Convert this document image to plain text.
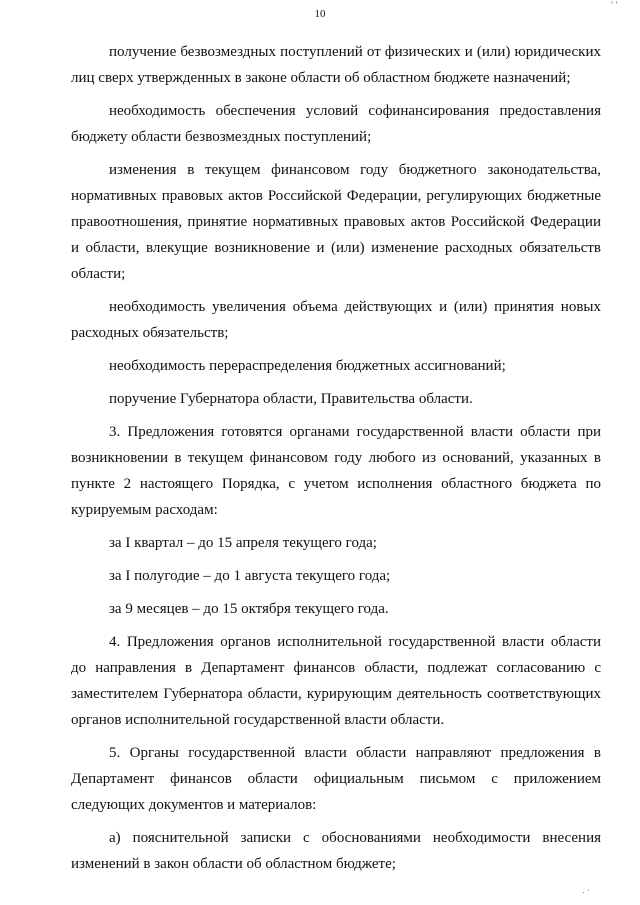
’ ’
10

получение безвозмездных поступлений от физических и (или) юридических лиц сверх утвержденных в законе области об областном бюджете назначений;

необходимость обеспечения условий софинансирования предоставления бюджету области безвозмездных поступлений;

изменения в текущем финансовом году бюджетного законодательства, нормативных правовых актов Российской Федерации, регулирующих бюджетные правоотношения, принятие нормативных правовых актов Российской Федерации и области, влекущие возникновение и (или) изменение расходных обязательств области;

необходимость увеличения объема действующих и (или) принятия новых расходных обязательств;

необходимость перераспределения бюджетных ассигнований;

поручение Губернатора области, Правительства области.

3. Предложения готовятся органами государственной власти области при возникновении в текущем финансовом году любого из оснований, указанных в пункте 2 настоящего Порядка, с учетом исполнения областного бюджета по курируемым расходам:

за I квартал – до 15 апреля текущего года;

за I полугодие – до 1 августа текущего года;

за 9 месяцев – до 15 октября текущего года.

4. Предложения органов исполнительной государственной власти области до направления в Департамент финансов области, подлежат согласованию с заместителем Губернатора области, курирующим деятельность соответствующих органов исполнительной государственной власти области.

5. Органы государственной власти области направляют предложения в Департамент финансов области официальным письмом с приложением следующих документов и материалов:

а) пояснительной записки с обоснованиями необходимости внесения изменений в закон области об областном бюджете;

. ·
